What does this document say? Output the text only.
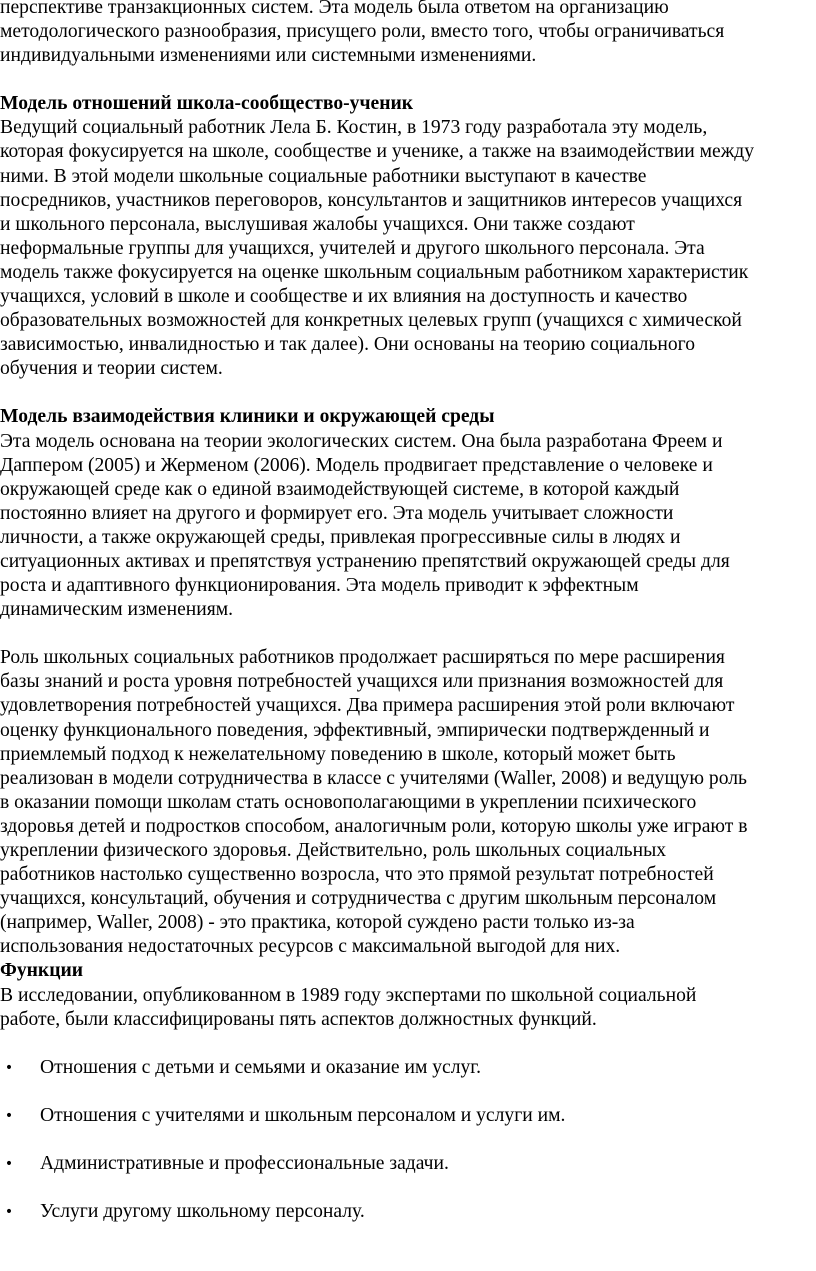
перспективе транзакционных систем. Эта модель была ответом на организацию
методологического разнообразия, присущего роли, вместо того, чтобы ограничиваться
индивидуальными изменениями или системными изменениями.

Модель отношений школа-сообщество-ученик

Ведущий социальный работник Лела Б. Костин, в 1973 году разработала эту модель,
которая фокусируется на школе, сообществе и ученике, а также на взаимодействии между
ними. В этой модели школьные социальные работники выступают в качестве
посредников, участников переговоров, консультантов и защитников интересов учащихся
и школьного персонала, выслушивая жалобы учащихся. Они также создают
неформальные группы для учащихся, учителей и другого школьного персонала. Эта
модель также фокусируется на оценке школьным социальным работником характеристик
учащихся, условий в школе и сообществе и их влияния на доступность и качество
образовательных возможностей для конкретных целевых групп (учащихся с химической
зависимостью, инвалидностью и так далее). Они основаны на теорию социального
обучения и теории систем.

Модель взаимодействия клиники и окружающей среды

Эта модель основана на теории экологических систем. Она была разработана Фреем и
Даппером (2005) и Жерменом (2006). Модель продвигает представление о человеке и
окружающей среде как о единой взаимодействующей системе, в которой каждый
постоянно влияет на другого и формирует его. Эта модель учитывает сложности
личности, а также окружающей среды, привлекая прогрессивные силы в людях и
ситуационных активах и препятствуя устранению препятствий окружающей среды для
роста и адаптивного функционирования. Эта модель приводит к эффектным
динамическим изменениям.

Роль школьных социальных работников продолжает расширяться по мере расширения
базы знаний и роста уровня потребностей учащихся или признания возможностей для
удовлетворения потребностей учащихся. Два примера расширения этой роли включают
оценку функционального поведения, эффективный, эмпирически подтвержденный и
приемлемый подход к нежелательному поведению в школе, который может быть
реализован в модели сотрудничества в классе с учителями (Waller, 2008) и ведущую роль
в оказании помощи школам стать основополагающими в укреплении психического
здоровья детей и подростков способом, аналогичным роли, которую школы уже играют в
укреплении физического здоровья. Действительно, роль школьных социальных
работников настолько существенно возросла, что это прямой результат потребностей
учащихся, консультаций, обучения и сотрудничества с другим школьным персоналом
(например, Waller, 2008) - это практика, которой суждено расти только из-за
использования недостаточных ресурсов с максимальной выгодой для них.

Функции

В исследовании, опубликованном в 1989 году экспертами по школьной социальной
работе, были классифицированы пять аспектов должностных функций.

• Отношения с детьми и семьями и оказание им услуг.
• Отношения с учителями и школьным персоналом и услуги им.
• Административные и профессиональные задачи.
• Услуги другому школьному персоналу.
